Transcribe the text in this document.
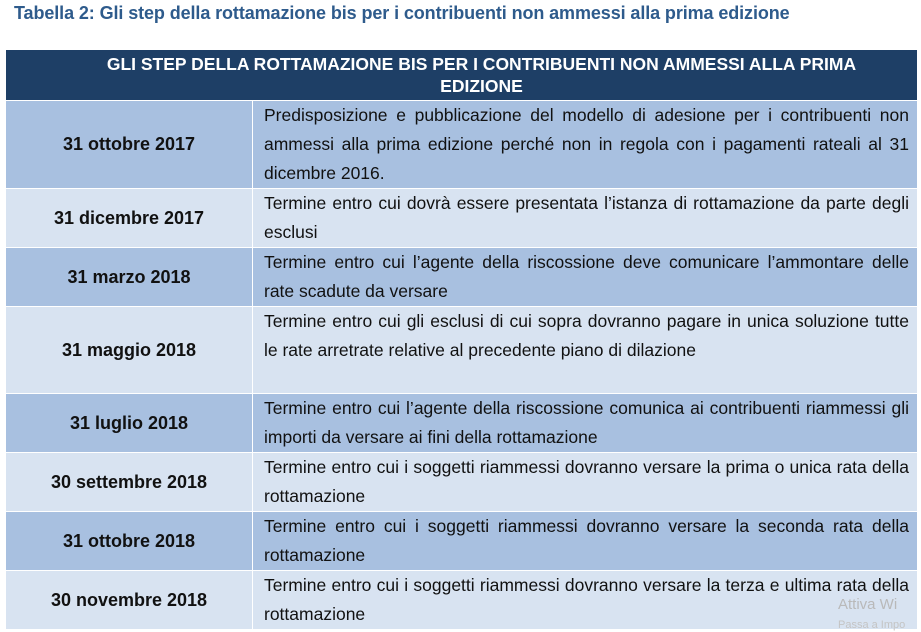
Tabella 2: Gli step della rottamazione bis per i contribuenti non ammessi alla prima edizione
GLI STEP DELLA ROTTAMAZIONE BIS PER I CONTRIBUENTI NON AMMESSI ALLA PRIMA EDIZIONE	
31 ottobre 2017	Predisposizione e pubblicazione del modello di adesione per i contribuenti non ammessi alla prima edizione perché non in regola con i pagamenti rateali al 31 dicembre 2016.
31 dicembre 2017	Termine entro cui dovrà essere presentata l’istanza di rottamazione da parte degli esclusi
31 marzo 2018	Termine entro cui l’agente della riscossione deve comunicare l’ammontare delle rate scadute da versare
31 maggio 2018	Termine entro cui gli esclusi di cui sopra dovranno pagare in unica soluzione tutte le rate arretrate relative al precedente piano di dilazione
31 luglio 2018	Termine entro cui l’agente della riscossione comunica ai contribuenti riammessi gli importi da versare ai fini della rottamazione
30 settembre 2018	Termine entro cui i soggetti riammessi dovranno versare la prima o unica rata della rottamazione
31 ottobre 2018	Termine entro cui i soggetti riammessi dovranno versare la seconda rata della rottamazione
30 novembre 2018	Termine entro cui i soggetti riammessi dovranno versare la terza e ultima rata della rottamazione	Attiva Wi
Passa a Impo
